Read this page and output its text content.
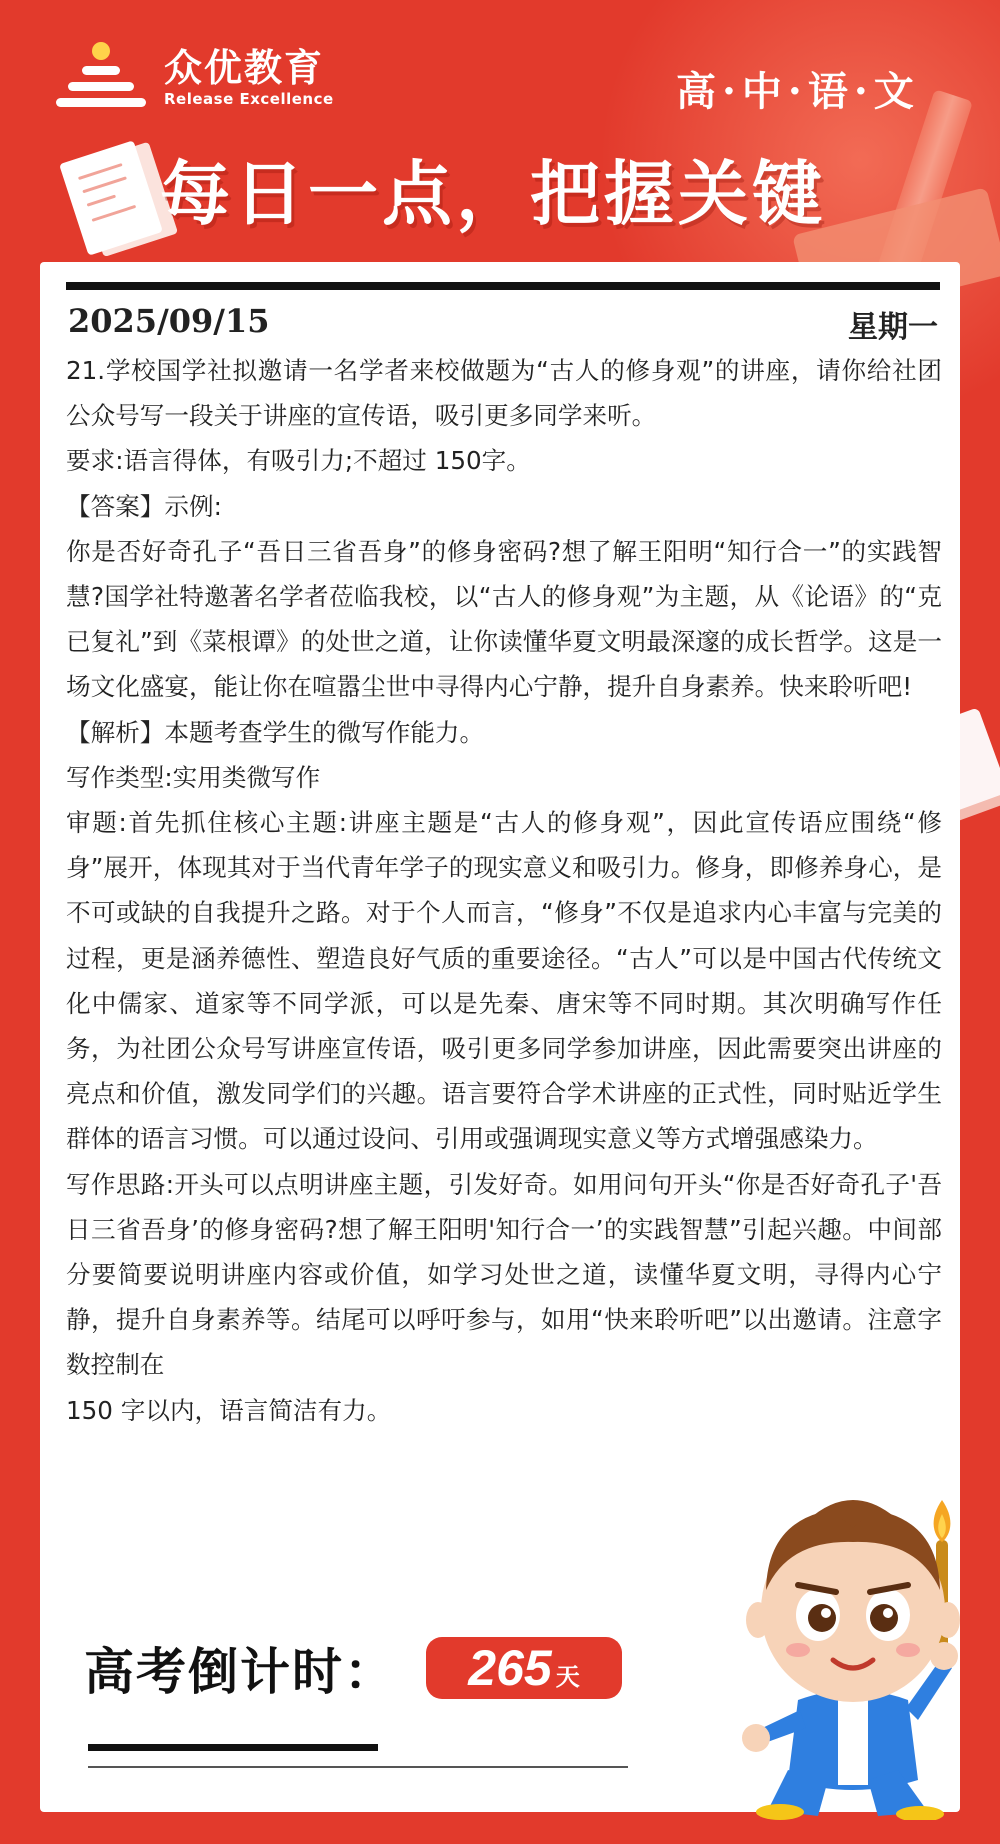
众优教育
Release Excellence	高·中·语·文
每日一点，把握关键
2025/09/15	星期一

21.学校国学社拟邀请一名学者来校做题为“古人的修身观”的讲座，请你给社团公众号写一段关于讲座的宣传语，吸引更多同学来听。

要求:语言得体，有吸引力;不超过 150字。

【答案】示例:

你是否好奇孔子“吾日三省吾身”的修身密码?想了解王阳明“知行合一”的实践智慧?国学社特邀著名学者莅临我校，以“古人的修身观”为主题，从《论语》的“克已复礼”到《菜根谭》的处世之道，让你读懂华夏文明最深邃的成长哲学。这是一场文化盛宴，能让你在喧嚣尘世中寻得内心宁静，提升自身素养。快来聆听吧!

【解析】本题考查学生的微写作能力。

写作类型:实用类微写作

审题:首先抓住核心主题:讲座主题是“古人的修身观”，因此宣传语应围绕“修身”展开，体现其对于当代青年学子的现实意义和吸引力。修身，即修养身心，是不可或缺的自我提升之路。对于个人而言，“修身”不仅是追求内心丰富与完美的过程，更是涵养德性、塑造良好气质的重要途径。“古人”可以是中国古代传统文化中儒家、道家等不同学派，可以是先秦、唐宋等不同时期。其次明确写作任务，为社团公众号写讲座宣传语，吸引更多同学参加讲座，因此需要突出讲座的亮点和价值，激发同学们的兴趣。语言要符合学术讲座的正式性，同时贴近学生群体的语言习惯。可以通过设问、引用或强调现实意义等方式增强感染力。

写作思路:开头可以点明讲座主题，引发好奇。如用问句开头“你是否好奇孔子'吾日三省吾身’的修身密码?想了解王阳明'知行合一’的实践智慧”引起兴趣。中间部分要简要说明讲座内容或价值，如学习处世之道，读懂华夏文明，寻得内心宁静，提升自身素养等。结尾可以呼吁参与，如用“快来聆听吧”以出邀请。注意字数控制在

150 字以内，语言简洁有力。

高考倒计时： 265 天
